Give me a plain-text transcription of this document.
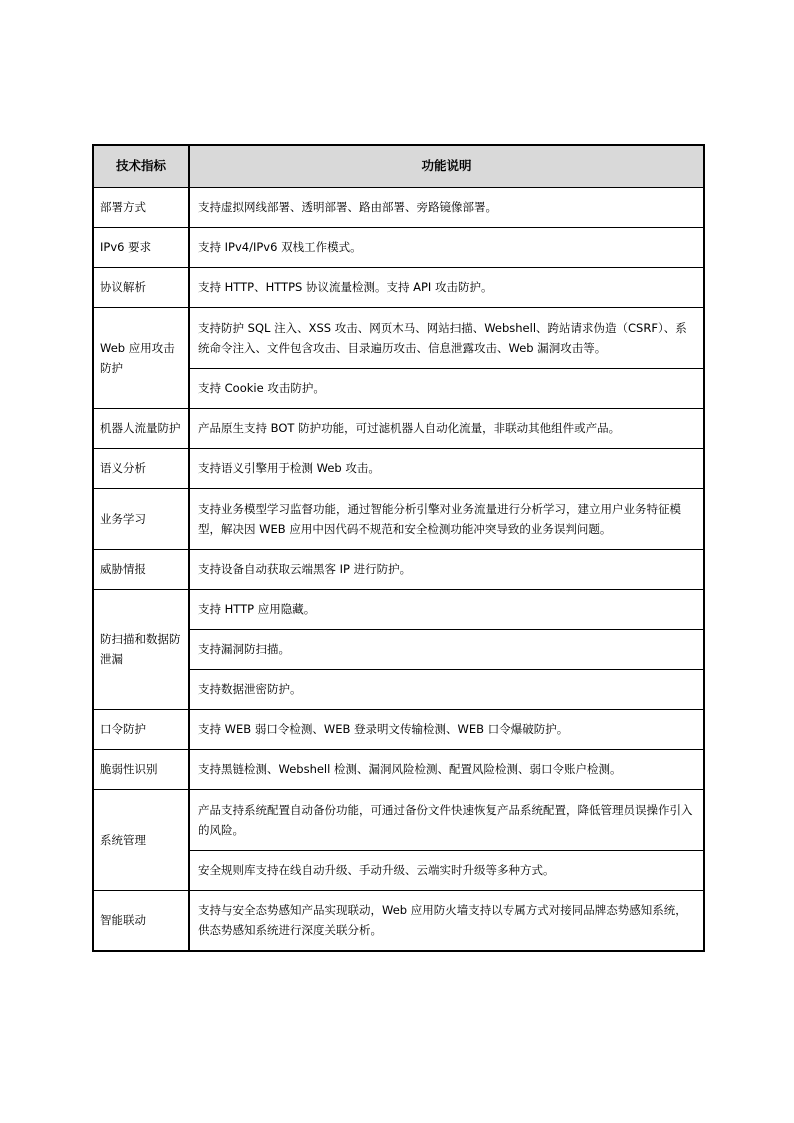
技术指标	功能说明
部署方式	支持虚拟网线部署、透明部署、路由部署、旁路镜像部署。
IPv6 要求	支持 IPv4/IPv6 双栈工作模式。
协议解析	支持 HTTP、HTTPS 协议流量检测。支持 API 攻击防护。
Web 应用攻击防护	支持防护 SQL 注入、XSS 攻击、网页木马、网站扫描、Webshell、跨站请求伪造（CSRF）、系统命令注入、文件包含攻击、目录遍历攻击、信息泄露攻击、Web 漏洞攻击等。
	支持 Cookie 攻击防护。
机器人流量防护	产品原生支持 BOT 防护功能，可过滤机器人自动化流量，非联动其他组件或产品。
语义分析	支持语义引擎用于检测 Web 攻击。
业务学习	支持业务模型学习监督功能，通过智能分析引擎对业务流量进行分析学习，建立用户业务特征模型，解决因 WEB 应用中因代码不规范和安全检测功能冲突导致的业务误判问题。
威胁情报	支持设备自动获取云端黑客 IP 进行防护。
防扫描和数据防泄漏	支持 HTTP 应用隐藏。
	支持漏洞防扫描。
	支持数据泄密防护。
口令防护	支持 WEB 弱口令检测、WEB 登录明文传输检测、WEB 口令爆破防护。
脆弱性识别	支持黑链检测、Webshell 检测、漏洞风险检测、配置风险检测、弱口令账户检测。
系统管理	产品支持系统配置自动备份功能，可通过备份文件快速恢复产品系统配置，降低管理员误操作引入的风险。
	安全规则库支持在线自动升级、手动升级、云端实时升级等多种方式。
智能联动	支持与安全态势感知产品实现联动，Web 应用防火墙支持以专属方式对接同品牌态势感知系统，供态势感知系统进行深度关联分析。
